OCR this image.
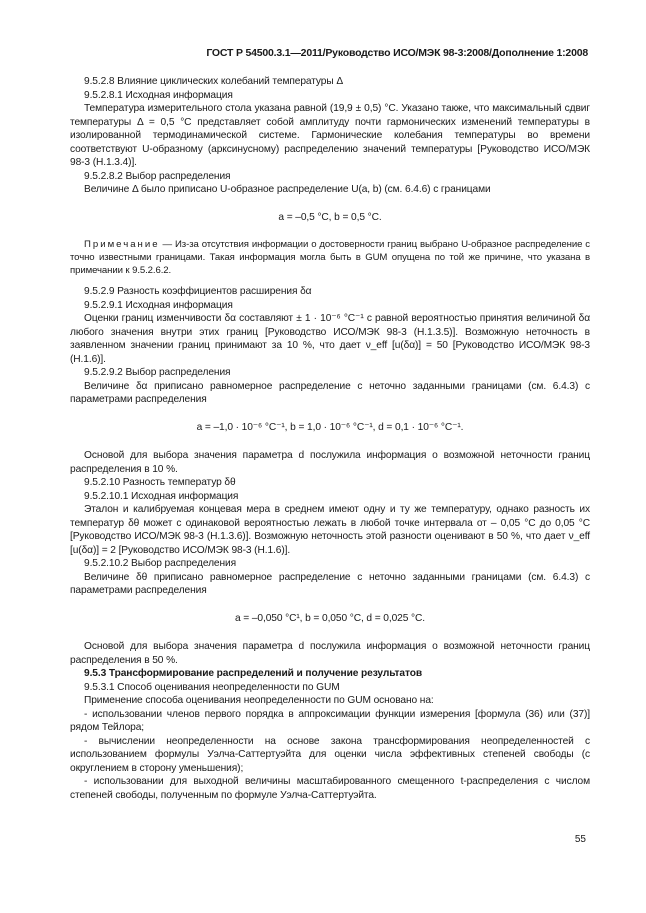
ГОСТ Р 54500.3.1—2011/Руководство ИСО/МЭК 98-3:2008/Дополнение 1:2008

9.5.2.8 Влияние циклических колебаний температуры Δ

9.5.2.8.1 Исходная информация

Температура измерительного стола указана равной (19,9 ± 0,5) °C. Указано также, что максимальный сдвиг температуры Δ = 0,5 °C представляет собой амплитуду почти гармонических изменений температуры в изолированной термодинамической системе. Гармонические колебания температуры во времени соответствуют U-образному (арксинусному) распределению значений температуры [Руководство ИСО/МЭК 98-3 (H.1.3.4)].

9.5.2.8.2 Выбор распределения

Величине Δ было приписано U-образное распределение U(a, b) (см. 6.4.6) с границами

a = –0,5 °C, b = 0,5 °C.

Примечание — Из-за отсутствия информации о достоверности границ выбрано U-образное распределение с точно известными границами. Такая информация могла быть в GUM опущена по той же причине, что указана в примечании к 9.5.2.6.2.

9.5.2.9 Разность коэффициентов расширения δα

9.5.2.9.1 Исходная информация

Оценки границ изменчивости δα составляют ± 1 · 10⁻⁶ °C⁻¹ с равной вероятностью принятия величиной δα любого значения внутри этих границ [Руководство ИСО/МЭК 98-3 (H.1.3.5)]. Возможную неточность в заявленном значении границ принимают за 10 %, что дает ν_eff [u(δα)] = 50 [Руководство ИСО/МЭК 98-3 (H.1.6)].

9.5.2.9.2 Выбор распределения

Величине δα приписано равномерное распределение с неточно заданными границами (см. 6.4.3) с параметрами распределения

a = –1,0 · 10⁻⁶ °C⁻¹, b = 1,0 · 10⁻⁶ °C⁻¹, d = 0,1 · 10⁻⁶ °C⁻¹.

Основой для выбора значения параметра d послужила информация о возможной неточности границ распределения в 10 %.

9.5.2.10 Разность температур δθ

9.5.2.10.1 Исходная информация

Эталон и калибруемая концевая мера в среднем имеют одну и ту же температуру, однако разность их температур δθ может с одинаковой вероятностью лежать в любой точке интервала от – 0,05 °C до 0,05 °C [Руководство ИСО/МЭК 98-3 (H.1.3.6)]. Возможную неточность этой разности оценивают в 50 %, что дает ν_eff [u(δα)] = 2 [Руководство ИСО/МЭК 98-3 (H.1.6)].

9.5.2.10.2 Выбор распределения

Величине δθ приписано равномерное распределение с неточно заданными границами (см. 6.4.3) с параметрами распределения

a = –0,050 °C¹, b = 0,050 °C, d = 0,025 °C.

Основой для выбора значения параметра d послужила информация о возможной неточности границ распределения в 50 %.

9.5.3 Трансформирование распределений и получение результатов

9.5.3.1 Способ оценивания неопределенности по GUM

Применение способа оценивания неопределенности по GUM основано на:

- использовании членов первого порядка в аппроксимации функции измерения [формула (36) или (37)] рядом Тейлора;

- вычислении неопределенности на основе закона трансформирования неопределенностей с использованием формулы Уэлча-Саттертуэйта для оценки числа эффективных степеней свободы (с округлением в сторону уменьшения);

- использовании для выходной величины масштабированного смещенного t-распределения с числом степеней свободы, полученным по формуле Уэлча-Саттертуэйта.

55
